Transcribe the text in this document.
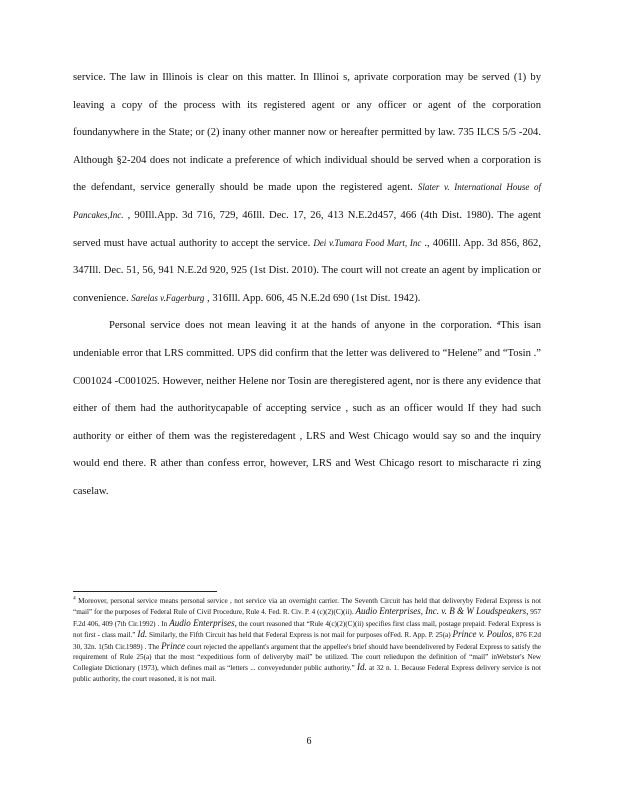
service. The law in Illinois is clear on this matter. In Illinoi s, aprivate corporation may be served (1) by leaving a copy of the process with its registered agent or any officer or agent of the corporation foundanywhere in the State; or (2) inany other manner now or hereafter permitted by law. 735 ILCS 5/5 -204. Although §2-204 does not indicate a preference of which individual should be served when a corporation is the defendant, service generally should be made upon the registered agent. Slater v. International House of Pancakes,Inc. , 90Ill.App. 3d 716, 729, 46Ill. Dec. 17, 26, 413 N.E.2d457, 466 (4th Dist. 1980). The agent served must have actual authority to accept the service. Dei v.Tumara Food Mart, Inc ., 406Ill. App. 3d 856, 862, 347Ill. Dec. 51, 56, 941 N.E.2d 920, 925 (1st Dist. 2010). The court will not create an agent by implication or convenience. Sarelas v.Fagerburg , 316Ill. App. 606, 45 N.E.2d 690 (1st Dist. 1942).

Personal service does not mean leaving it at the hands of anyone in the corporation. ⁴This isan undeniable error that LRS committed. UPS did confirm that the letter was delivered to “Helene” and “Tosin .” C001024 -C001025. However, neither Helene nor Tosin are theregistered agent, nor is there any evidence that either of them had the authoritycapable of accepting service , such as an officer would If they had such authority or either of them was the registeredagent , LRS and West Chicago would say so and the inquiry would end there. R ather than confess error, however, LRS and West Chicago resort to mischaracte ri zing caselaw.

$^4$ Moreover, personal service means personal service , not service via an overnight carrier. The Seventh Circuit has held that deliveryby Federal Express is not “mail” for the purposes of Federal Rule of Civil Procedure, Rule 4. Fed. R. Civ. P. 4 (c)(2)(C)(ii). Audio Enterprises, Inc. v. B & W Loudspeakers, 957 F.2d 406, 409 (7th Cir.1992) . In Audio Enterprises, the court reasoned that “Rule 4(c)(2)(C)(ii) specifies first class mail, postage prepaid. Federal Express is not first - class mail.” Id. Similarly, the Fifth Circuit has held that Federal Express is not mail for purposes ofFed. R. App. P. 25(a) Prince v. Poulos, 876 F.2d 30, 32n. 1(5th Cir.1989) . The Prince court rejected the appellant's argument that the appellee's brief should have beendelivered by Federal Express to satisfy the requirement of Rule 25(a) that the most “expeditious form of deliveryby mail” be utilized. The court reliedupon the definition of “mail” inWebster's New Collegiate Dictionary (1973), which defines mail as “letters ... conveyedunder public authority.” Id. at 32 n. 1. Because Federal Express delivery service is not public authority, the court reasoned, it is not mail.
6
